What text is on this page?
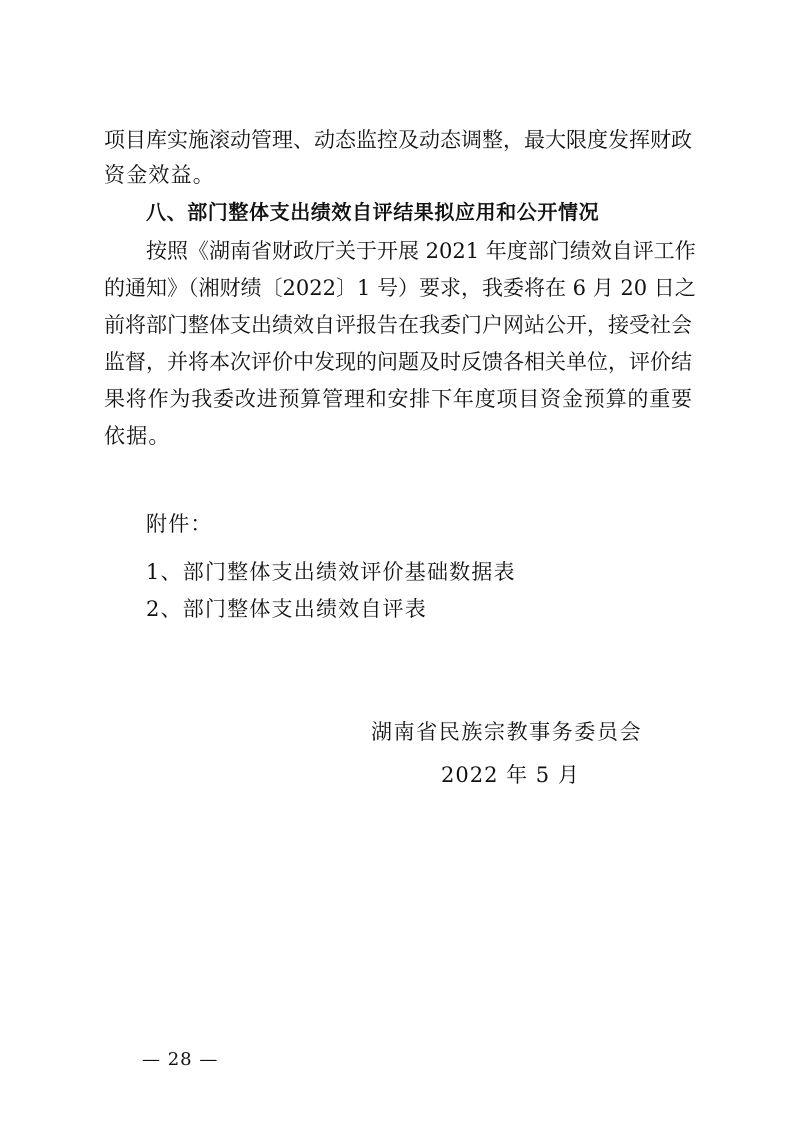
项目库实施滚动管理、动态监控及动态调整，最大限度发挥财政
资金效益。
八、部门整体支出绩效自评结果拟应用和公开情况
按照《湖南省财政厅关于开展 2021 年度部门绩效自评工作
的通知》（湘财绩〔2022〕1 号）要求，我委将在 6 月 20 日之
前将部门整体支出绩效自评报告在我委门户网站公开，接受社会
监督，并将本次评价中发现的问题及时反馈各相关单位，评价结
果将作为我委改进预算管理和安排下年度项目资金预算的重要
依据。
附件：
1、部门整体支出绩效评价基础数据表
2、部门整体支出绩效自评表
湖南省民族宗教事务委员会
2022 年 5 月
— 28 —
